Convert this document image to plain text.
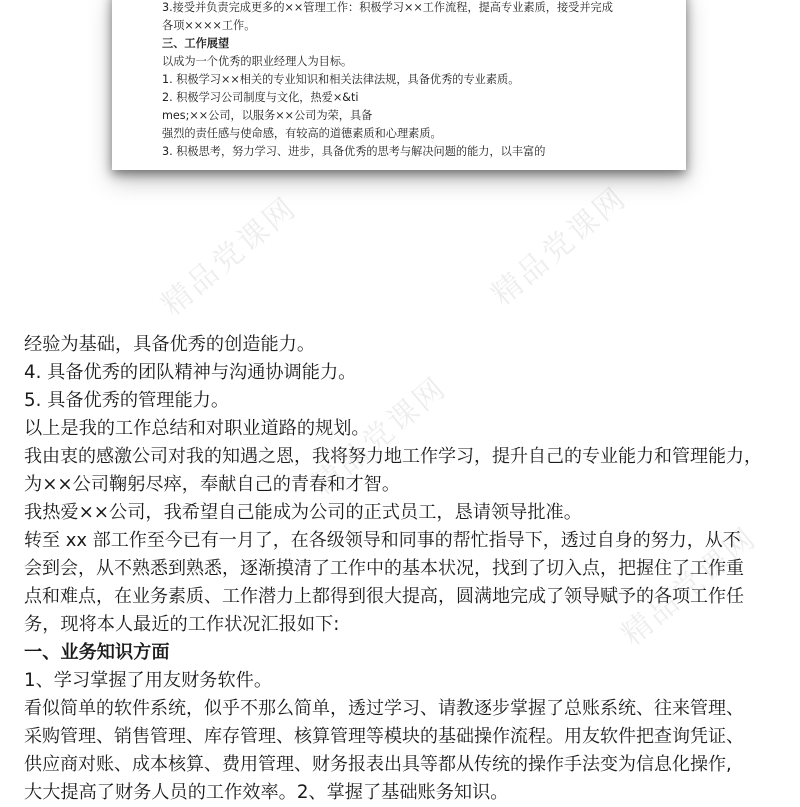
3.接受并负责完成更多的××管理工作：积极学习××工作流程，提高专业素质，接受并完成
各项××××工作。
三、工作展望
以成为一个优秀的职业经理人为目标。
1. 积极学习××相关的专业知识和相关法律法规，具备优秀的专业素质。
2. 积极学习公司制度与文化，热爱×&ti
mes;××公司，以服务××公司为荣，具备
强烈的责任感与使命感，有较高的道德素质和心理素质。
3. 积极思考，努力学习、进步，具备优秀的思考与解决问题的能力，以丰富的
精品党课网	精品党课网
精品党课网
精品党课网
经验为基础，具备优秀的创造能力。
4. 具备优秀的团队精神与沟通协调能力。
5. 具备优秀的管理能力。
以上是我的工作总结和对职业道路的规划。
我由衷的感激公司对我的知遇之恩，我将努力地工作学习，提升自己的专业能力和管理能力，
为××公司鞠躬尽瘁，奉献自己的青春和才智。
我热爱××公司，我希望自己能成为公司的正式员工，恳请领导批准。
转至 xx 部工作至今已有一月了，在各级领导和同事的帮忙指导下，透过自身的努力，从不
会到会，从不熟悉到熟悉，逐渐摸清了工作中的基本状况，找到了切入点，把握住了工作重
点和难点，在业务素质、工作潜力上都得到很大提高，圆满地完成了领导赋予的各项工作任
务，现将本人最近的工作状况汇报如下:
一、业务知识方面
1、学习掌握了用友财务软件。
看似简单的软件系统，似乎不那么简单，透过学习、请教逐步掌握了总账系统、往来管理、
采购管理、销售管理、库存管理、核算管理等模块的基础操作流程。用友软件把查询凭证、
供应商对账、成本核算、费用管理、财务报表出具等都从传统的操作手法变为信息化操作,
大大提高了财务人员的工作效率。2、掌握了基础账务知识。
